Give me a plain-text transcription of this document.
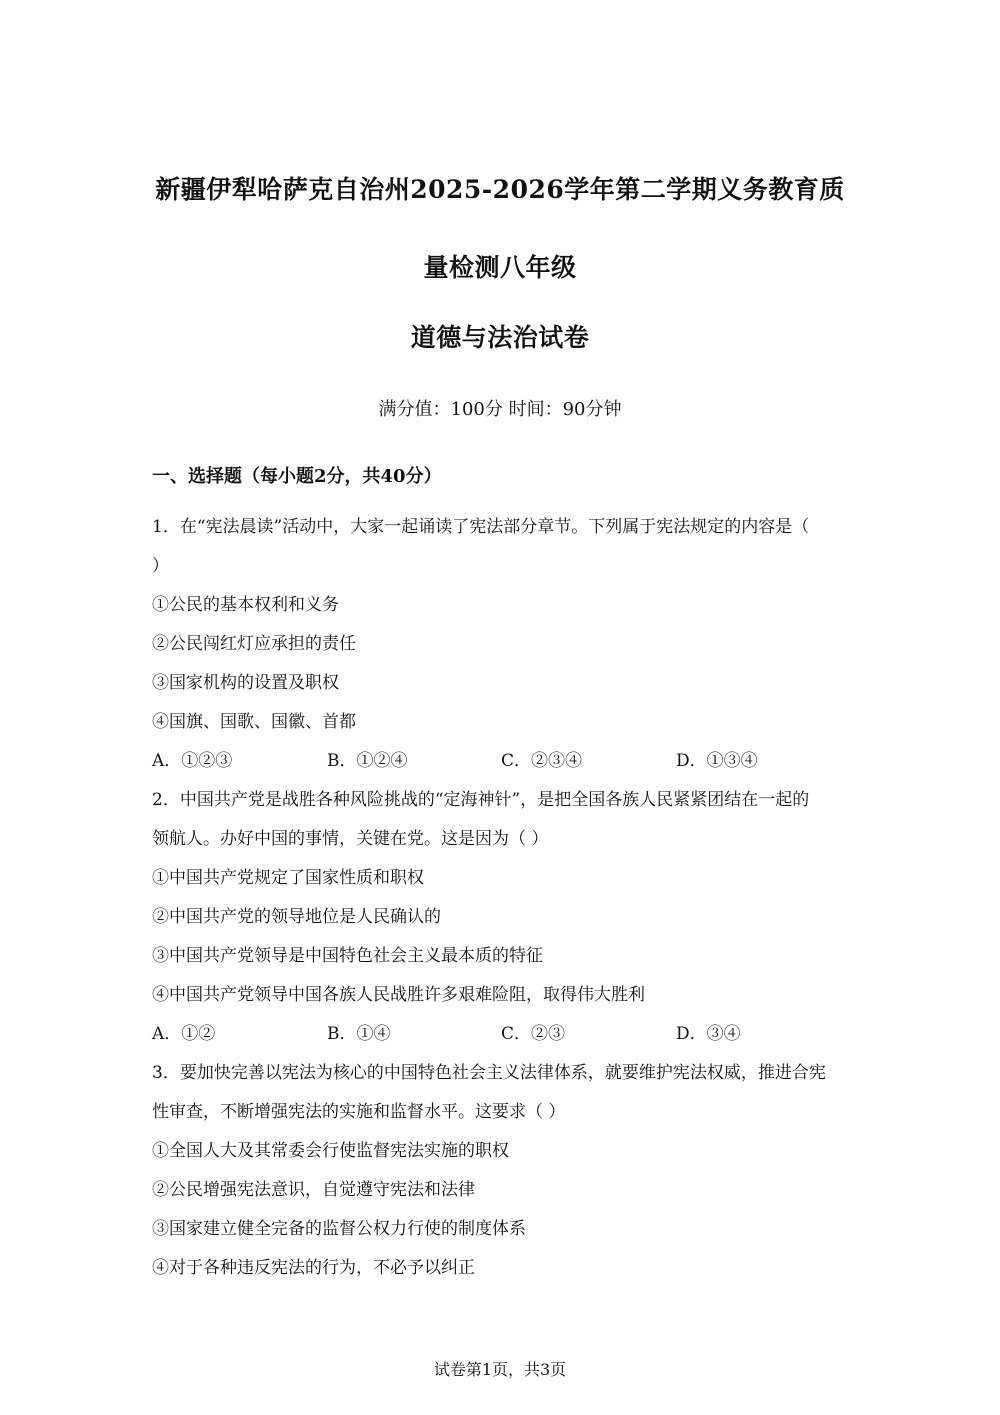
新疆伊犁哈萨克自治州2025-2026学年第二学期义务教育质
量检测八年级
道德与法治试卷
满分值：100分 时间：90分钟
一、选择题（每小题2分，共40分）
1．在“宪法晨读”活动中，大家一起诵读了宪法部分章节。下列属于宪法规定的内容是（
）
①公民的基本权利和义务
②公民闯红灯应承担的责任
③国家机构的设置及职权
④国旗、国歌、国徽、首都
A．①②③	B．①②④	C．②③④	D．①③④
2．中国共产党是战胜各种风险挑战的“定海神针”，是把全国各族人民紧紧团结在一起的
领航人。办好中国的事情，关键在党。这是因为（ ）
①中国共产党规定了国家性质和职权
②中国共产党的领导地位是人民确认的
③中国共产党领导是中国特色社会主义最本质的特征
④中国共产党领导中国各族人民战胜许多艰难险阻，取得伟大胜利
A．①②	B．①④	C．②③	D．③④
3．要加快完善以宪法为核心的中国特色社会主义法律体系，就要维护宪法权威，推进合宪
性审查，不断增强宪法的实施和监督水平。这要求（ ）
①全国人大及其常委会行使监督宪法实施的职权
②公民增强宪法意识，自觉遵守宪法和法律
③国家建立健全完备的监督公权力行使的制度体系
④对于各种违反宪法的行为，不必予以纠正
试卷第1页，共3页
